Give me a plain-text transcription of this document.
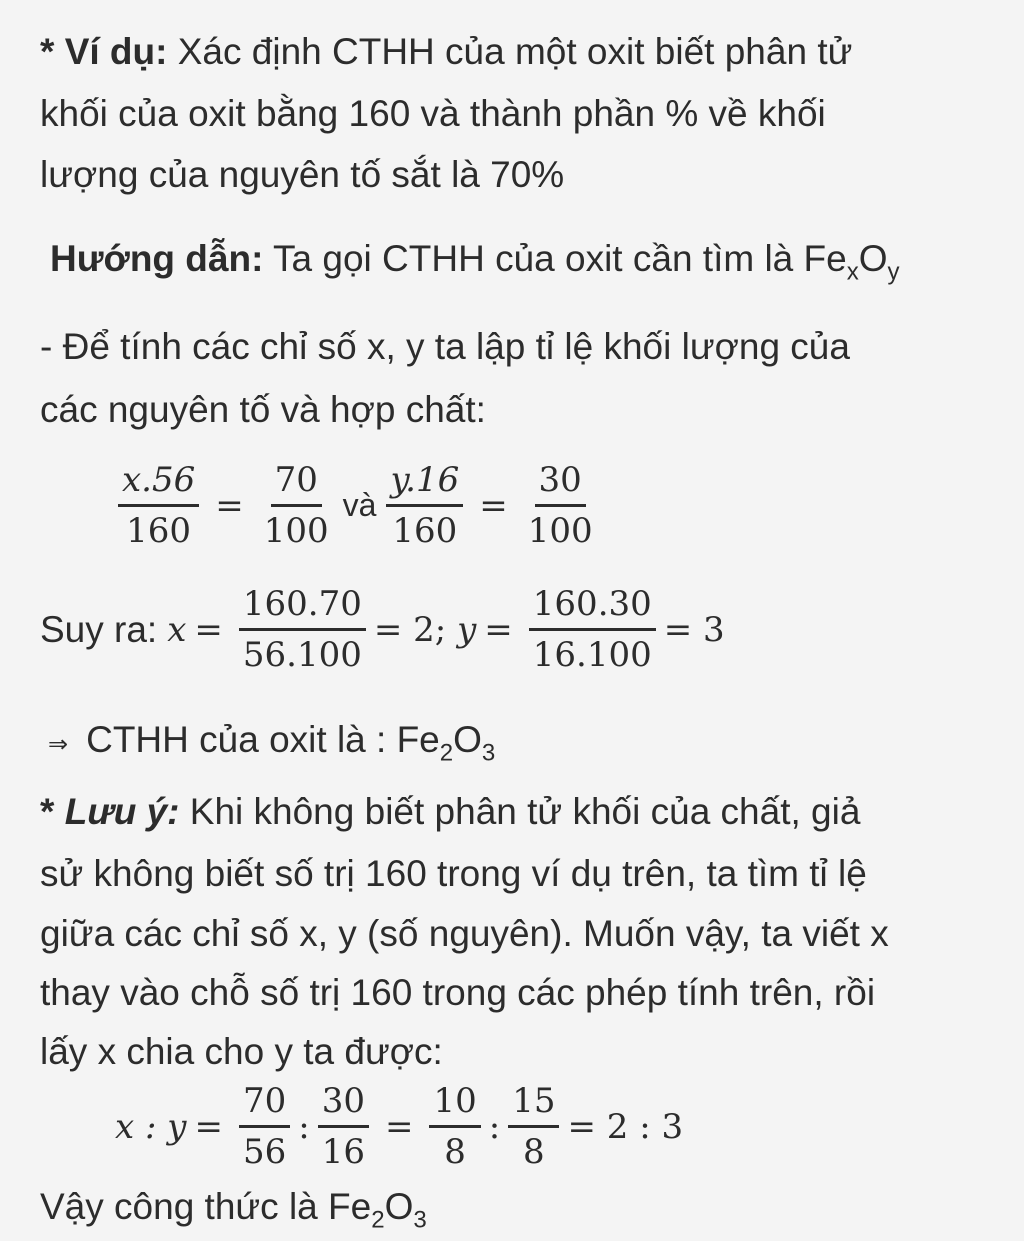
* Ví dụ: Xác định CTHH của một oxit biết phân tử
khối của oxit bằng 160 và thành phần % về khối
lượng của nguyên tố sắt là 70%
Hướng dẫn: Ta gọi CTHH của oxit cần tìm là $Fe_xO_y$
- Để tính các chỉ số x, y ta lập tỉ lệ khối lượng của
các nguyên tố và hợp chất:
$\frac{x.56}{160} = \frac{70}{100}$ và $\frac{y.16}{160} = \frac{30}{100}$
Suy ra: $x = \frac{160.70}{56.100} = 2$; $y = \frac{160.30}{16.100} = 3$
⇒ CTHH của oxit là : $Fe_2O_3$
* Lưu ý: Khi không biết phân tử khối của chất, giả
sử không biết số trị 160 trong ví dụ trên, ta tìm tỉ lệ
giữa các chỉ số x, y (số nguyên). Muốn vậy, ta viết x
thay vào chỗ số trị 160 trong các phép tính trên, rồi
lấy x chia cho y ta được:
x : $y = \frac{70}{56}$ : $\frac{30}{16} = \frac{10}{8}$ : $\frac{15}{8} = 2$ : 3
Vậy công thức là $Fe_2O_3$
